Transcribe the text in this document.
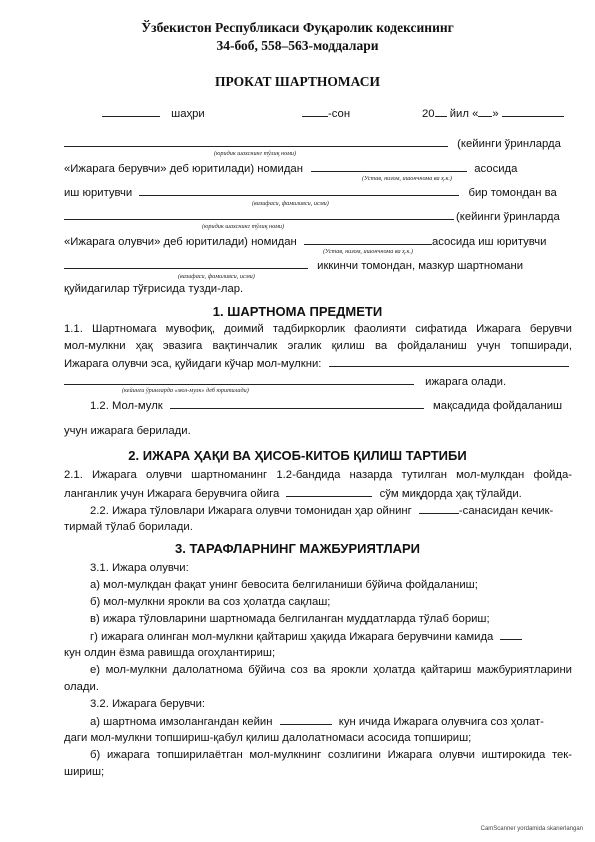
Ўзбекистон Республикаси Фуқаролик кодексининг
34-боб, 558–563-моддалари
ПРОКАТ ШАРТНОМАСИ
шаҳри	-сон	20 йил « »
(кейинги ўринларда
(юридик шахснинг тўлиқ номи)
«Ижарага берувчи» деб юритилади) номидан	асосида
(Устав, низом, ишончнома ва ҳ.к.)
иш юритувчи	бир томондан ва
(вазифаси, фамилияси, исми)
(кейинги ўринларда
(юридик шахснинг тўлиқ номи)
«Ижарага олувчи» деб юритилади) номидан	асосида иш юритувчи
(Устав, низом, ишончнома ва ҳ.к.)
иккинчи томондан, мазкур шартномани
(вазифаси, фамилияси, исми)
қуйидагилар тўғрисида тузди-лар.
1. ШАРТНОМА ПРЕДМЕТИ
1.1. Шартномага мувофиқ, доимий тадбиркорлик фаолияти сифатида Ижарага берувчи
мол-мулкни ҳақ эвазига вақтинчалик эгалик қилиш ва фойдаланиш учун топширади,
Ижарага олувчи эса, қуйидаги кўчар мол-мулкни:
ижарага олади.
(кейинги ўринларда «мол-мулк» деб юритилади)
1.2. Мол-мулк	мақсадида фойдаланиш
учун ижарага берилади.
2. ИЖАРА ҲАҚИ ВА ҲИСОБ-КИТОБ ҚИЛИШ ТАРТИБИ
2.1. Ижарага олувчи шартноманинг 1.2-бандида назарда тутилган мол-мулкдан фойда-
ланганлик учун Ижарага берувчига ойига	сўм миқдорда ҳақ тўлайди.
2.2. Ижара тўловлари Ижарага олувчи томонидан ҳар ойнинг	-санасидан кечик-
тирмай тўлаб борилади.
3. ТАРАФЛАРНИНГ МАЖБУРИЯТЛАРИ
3.1. Ижара олувчи:
а) мол-мулкдан фақат унинг бевосита белгиланиши бўйича фойдаланиш;
б) мол-мулкни ярокли ва соз ҳолатда сақлаш;
в) ижара тўловларини шартномада белгиланган муддатларда тўлаб бориш;
г) ижарага олинган мол-мулкни қайтариш ҳақида Ижарага берувчини камида
кун олдин ёзма равишда огоҳлантириш;
е) мол-мулкни далолатнома бўйича соз ва ярокли ҳолатда қайтариш мажбуриятларини
олади.
3.2. Ижарага берувчи:
а) шартнома имзолангандан кейин	кун ичида Ижарага олувчига соз ҳолат-
даги мол-мулкни топшириш-қабул қилиш далолатномаси асосида топшириш;
б) ижарага топширилаётган мол-мулкнинг созлигини Ижарага олувчи иштирокида тек-
шириш;
CamScanner yordamida skanerlangan
